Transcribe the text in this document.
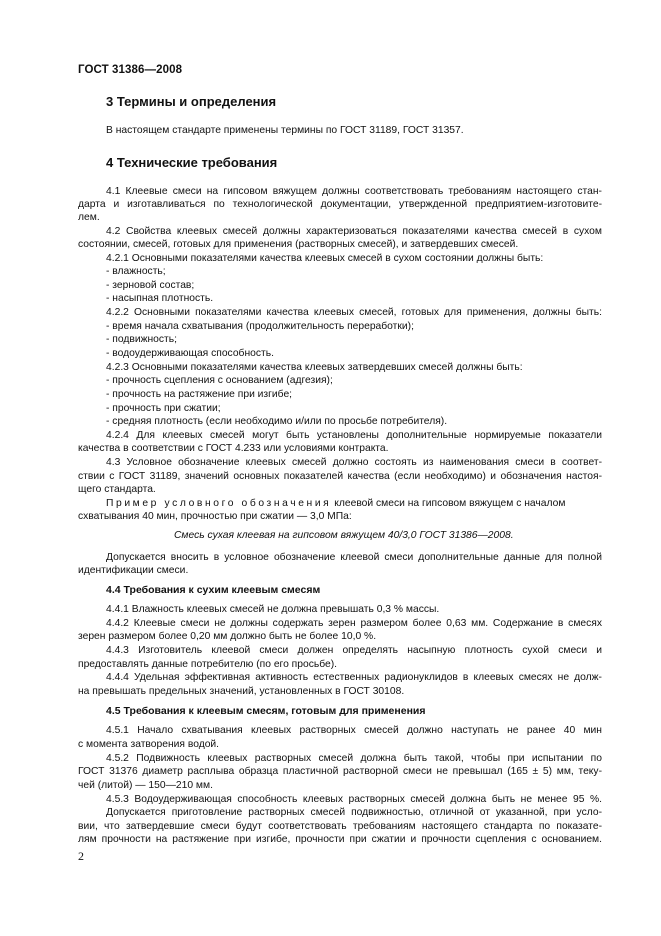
ГОСТ 31386—2008
3 Термины и определения
В настоящем стандарте применены термины по ГОСТ 31189, ГОСТ 31357.
4 Технические требования
4.1 Клеевые смеси на гипсовом вяжущем должны соответствовать требованиям настоящего стан-
дарта и изготавливаться по технологической документации, утвержденной предприятием-изготовите-
лем.
4.2 Свойства клеевых смесей должны характеризоваться показателями качества смесей в сухом
состоянии, смесей, готовых для применения (растворных смесей), и затвердевших смесей.
4.2.1 Основными показателями качества клеевых смесей в сухом состоянии должны быть:
- влажность;
- зерновой состав;
- насыпная плотность.
4.2.2 Основными показателями качества клеевых смесей, готовых для применения, должны быть:
- время начала схватывания (продолжительность переработки);
- подвижность;
- водоудерживающая способность.
4.2.3 Основными показателями качества клеевых затвердевших смесей должны быть:
- прочность сцепления с основанием (адгезия);
- прочность на растяжение при изгибе;
- прочность при сжатии;
- средняя плотность (если необходимо и/или по просьбе потребителя).
4.2.4 Для клеевых смесей могут быть установлены дополнительные нормируемые показатели
качества в соответствии с ГОСТ 4.233 или условиями контракта.
4.3 Условное обозначение клеевых смесей должно состоять из наименования смеси в соответ-
ствии с ГОСТ 31189, значений основных показателей качества (если необходимо) и обозначения настоя-
щего стандарта.
Пример условного обозначения клеевой смеси на гипсовом вяжущем с началом
схватывания 40 мин, прочностью при сжатии — 3,0 МПа:
Смесь сухая клеевая на гипсовом вяжущем 40/3,0 ГОСТ 31386—2008.
Допускается вносить в условное обозначение клеевой смеси дополнительные данные для полной
идентификации смеси.
4.4 Требования к сухим клеевым смесям
4.4.1 Влажность клеевых смесей не должна превышать 0,3 % массы.
4.4.2 Клеевые смеси не должны содержать зерен размером более 0,63 мм. Содержание в смесях
зерен размером более 0,20 мм должно быть не более 10,0 %.
4.4.3 Изготовитель клеевой смеси должен определять насыпную плотность сухой смеси и
предоставлять данные потребителю (по его просьбе).
4.4.4 Удельная эффективная активность естественных радионуклидов в клеевых смесях не долж-
на превышать предельных значений, установленных в ГОСТ 30108.
4.5 Требования к клеевым смесям, готовым для применения
4.5.1 Начало схватывания клеевых растворных смесей должно наступать не ранее 40 мин
с момента затворения водой.
4.5.2 Подвижность клеевых растворных смесей должна быть такой, чтобы при испытании по
ГОСТ 31376 диаметр расплыва образца пластичной растворной смеси не превышал (165 ± 5) мм, теку-
чей (литой) — 150—210 мм.
4.5.3 Водоудерживающая способность клеевых растворных смесей должна быть не менее 95 %.
Допускается приготовление растворных смесей подвижностью, отличной от указанной, при усло-
вии, что затвердевшие смеси будут соответствовать требованиям настоящего стандарта по показате-
лям прочности на растяжение при изгибе, прочности при сжатии и прочности сцепления с основанием.
2
